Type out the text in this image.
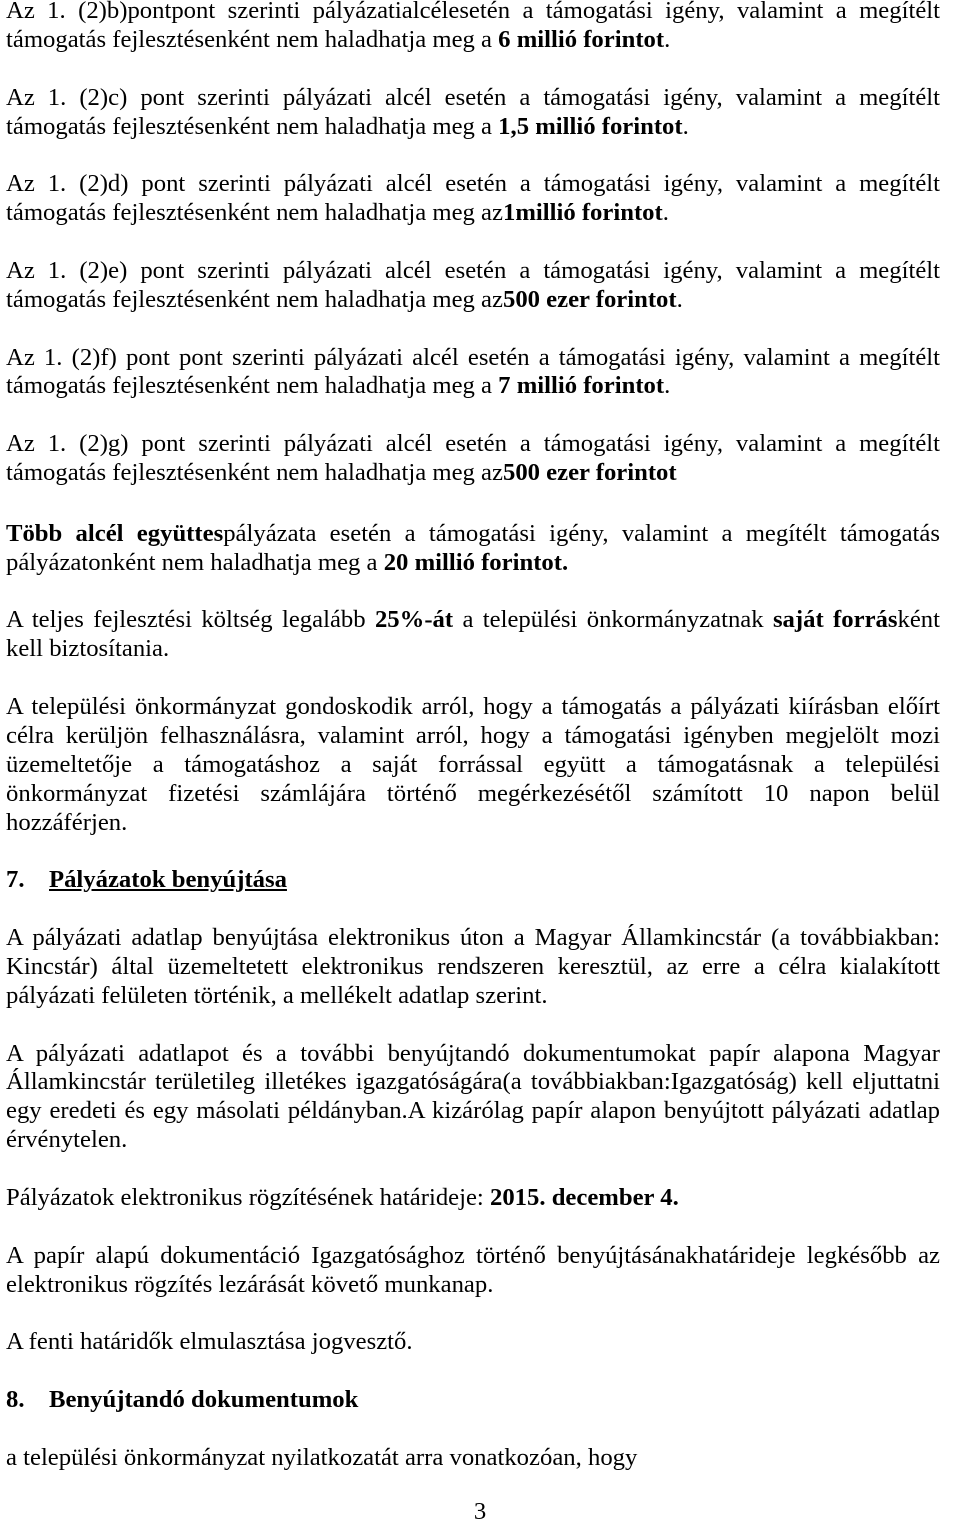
Az 1. (2)b)pontpont szerinti pályázatialcélesetén a támogatási igény, valamint a megítélt
támogatás fejlesztésenként nem haladhatja meg a 6 millió forintot.
Az 1. (2)c) pont szerinti pályázati alcél esetén a támogatási igény, valamint a megítélt
támogatás fejlesztésenként nem haladhatja meg a 1,5 millió forintot.
Az 1. (2)d) pont szerinti pályázati alcél esetén a támogatási igény, valamint a megítélt
támogatás fejlesztésenként nem haladhatja meg az1millió forintot.
Az 1. (2)e) pont szerinti pályázati alcél esetén a támogatási igény, valamint a megítélt
támogatás fejlesztésenként nem haladhatja meg az500 ezer forintot.
Az 1. (2)f) pont pont szerinti pályázati alcél esetén a támogatási igény, valamint a megítélt
támogatás fejlesztésenként nem haladhatja meg a 7 millió forintot.
Az 1. (2)g) pont szerinti pályázati alcél esetén a támogatási igény, valamint a megítélt
támogatás fejlesztésenként nem haladhatja meg az500 ezer forintot
Több alcél együttespályázata esetén a támogatási igény, valamint a megítélt támogatás
pályázatonként nem haladhatja meg a 20 millió forintot.
A teljes fejlesztési költség legalább 25%-át a települési önkormányzatnak saját forrásként
kell biztosítania.
A települési önkormányzat gondoskodik arról, hogy a támogatás a pályázati kiírásban előírt
célra kerüljön felhasználásra, valamint arról, hogy a támogatási igényben megjelölt mozi
üzemeltetője a támogatáshoz a saját forrással együtt a támogatásnak a települési
önkormányzat fizetési számlájára történő megérkezésétől számított 10 napon belül
hozzáférjen.
7. Pályázatok benyújtása
A pályázati adatlap benyújtása elektronikus úton a Magyar Államkincstár (a továbbiakban:
Kincstár) által üzemeltetett elektronikus rendszeren keresztül, az erre a célra kialakított
pályázati felületen történik, a mellékelt adatlap szerint.
A pályázati adatlapot és a további benyújtandó dokumentumokat papír alapona Magyar
Államkincstár területileg illetékes igazgatóságára(a továbbiakban:Igazgatóság) kell eljuttatni
egy eredeti és egy másolati példányban.A kizárólag papír alapon benyújtott pályázati adatlap
érvénytelen.
Pályázatok elektronikus rögzítésének határideje: 2015. december 4.
A papír alapú dokumentáció Igazgatósághoz történő benyújtásánakhatárideje legkésőbb az
elektronikus rögzítés lezárását követő munkanap.
A fenti határidők elmulasztása jogvesztő.
8. Benyújtandó dokumentumok
a települési önkormányzat nyilatkozatát arra vonatkozóan, hogy
3
